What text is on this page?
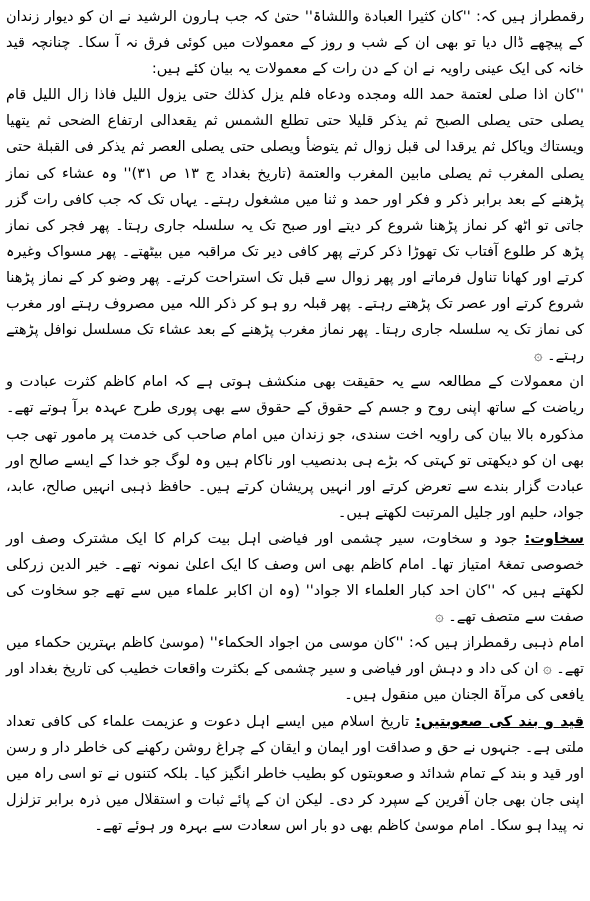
رقمطراز ہیں کہ: ''كان كثيرا العبادة واللشاۃ'' حتیٰ کہ جب ہارون الرشید نے ان کو دیوار زندان کے پیچھے ڈال دیا تو بھی ان کے شب و روز کے معمولات میں کوئی فرق نہ آ سکا۔ چنانچہ قید خانہ کی ایک عینی راویہ نے ان کے دن رات کے معمولات یہ بیان کئے ہیں:

''كان اذا صلى لعتمة حمد الله ومجده ودعاه فلم يزل كذلك حتى يزول الليل فاذا زال الليل قام يصلى حتى يصلى الصبح ثم يذكر قليلا حتى تطلع الشمس ثم يقعدالى ارتفاع الضحى ثم يتهيا ويستاك وياكل ثم يرقدا لى قبل زوال ثم يتوضأ ويصلى حتى يصلى العصر ثم يذكر فى القبلة حتى يصلى المغرب ثم يصلى مابين المغرب والعتمة (تاریخ بغداد ج ۱۳ ص ۳۱)'' وہ عشاء کی نماز پڑھنے کے بعد برابر ذکر و فکر اور حمد و ثنا میں مشغول رہتے۔ یہاں تک کہ جب کافی رات گزر جاتی تو اٹھ کر نماز پڑھنا شروع کر دیتے اور صبح تک یہ سلسلہ جاری رہتا۔ پھر فجر کی نماز پڑھ کر طلوع آفتاب تک تھوڑا ذکر کرتے پھر کافی دیر تک مراقبہ میں بیٹھتے۔ پھر مسواک وغیرہ کرتے اور کھانا تناول فرماتے اور پھر زوال سے قبل تک استراحت کرتے۔ پھر وضو کر کے نماز پڑھنا شروع کرتے اور عصر تک پڑھتے رہتے۔ پھر قبلہ رو ہو کر ذکر اللہ میں مصروف رہتے اور مغرب کی نماز تک یہ سلسلہ جاری رہتا۔ پھر نماز مغرب پڑھنے کے بعد عشاء تک مسلسل نوافل پڑھتے رہتے۔ ۞

ان معمولات کے مطالعہ سے یہ حقیقت بھی منکشف ہوتی ہے کہ امام کاظم کثرت عبادت و ریاضت کے ساتھ اپنی روح و جسم کے حقوق کے حقوق سے بھی پوری طرح عہدہ برآ ہوتے تھے۔ مذکورہ بالا بیان کی راویہ اخت سندی، جو زندان میں امام صاحب کی خدمت پر مامور تھی جب بھی ان کو دیکھتی تو کہتی کہ بڑے ہی بدنصیب اور ناکام ہیں وہ لوگ جو خدا کے ایسے صالح اور عبادت گزار بندے سے تعرض کرتے اور انہیں پریشان کرتے ہیں۔ حافظ ذہبی انہیں صالح، عابد، جواد، حلیم اور جلیل المرتبت لکھتے ہیں۔

سخاوت: جود و سخاوت، سیر چشمی اور فیاضی اہل بیت کرام کا ایک مشترک وصف اور خصوصی تمغۂ امتیاز تھا۔ امام کاظم بھی اس وصف کا ایک اعلیٰ نمونہ تھے۔ خیر الدین زرکلی لکھتے ہیں کہ ''كان احد كبار العلماء الا جواد'' (وہ ان اکابر علماء میں سے تھے جو سخاوت کی صفت سے متصف تھے۔ ۞

امام ذہبی رقمطراز ہیں کہ: ''كان موسى من اجواد الحكماء'' (موسیٰ کاظم بہترین حکماء میں تھے۔ ۞ ان کی داد و دہش اور فیاضی و سیر چشمی کے بکثرت واقعات خطیب کی تاریخ بغداد اور یافعی کی مرآۃ الجنان میں منقول ہیں۔

قید و بند کی صعوبتیں: تاریخ اسلام میں ایسے اہل دعوت و عزیمت علماء کی کافی تعداد ملتی ہے۔ جنہوں نے حق و صداقت اور ایمان و ایقان کے چراغ روشن رکھنے کی خاطر دار و رسن اور قید و بند کے تمام شدائد و صعوبتوں کو بطیب خاطر انگیز کیا۔ بلکہ کتنوں نے تو اسی راہ میں اپنی جان بھی جان آفرین کے سپرد کر دی۔ لیکن ان کے پائے ثبات و استقلال میں ذرہ برابر تزلزل نہ پیدا ہو سکا۔ امام موسیٰ کاظم بھی دو بار اس سعادت سے بہرہ ور ہوئے تھے۔
